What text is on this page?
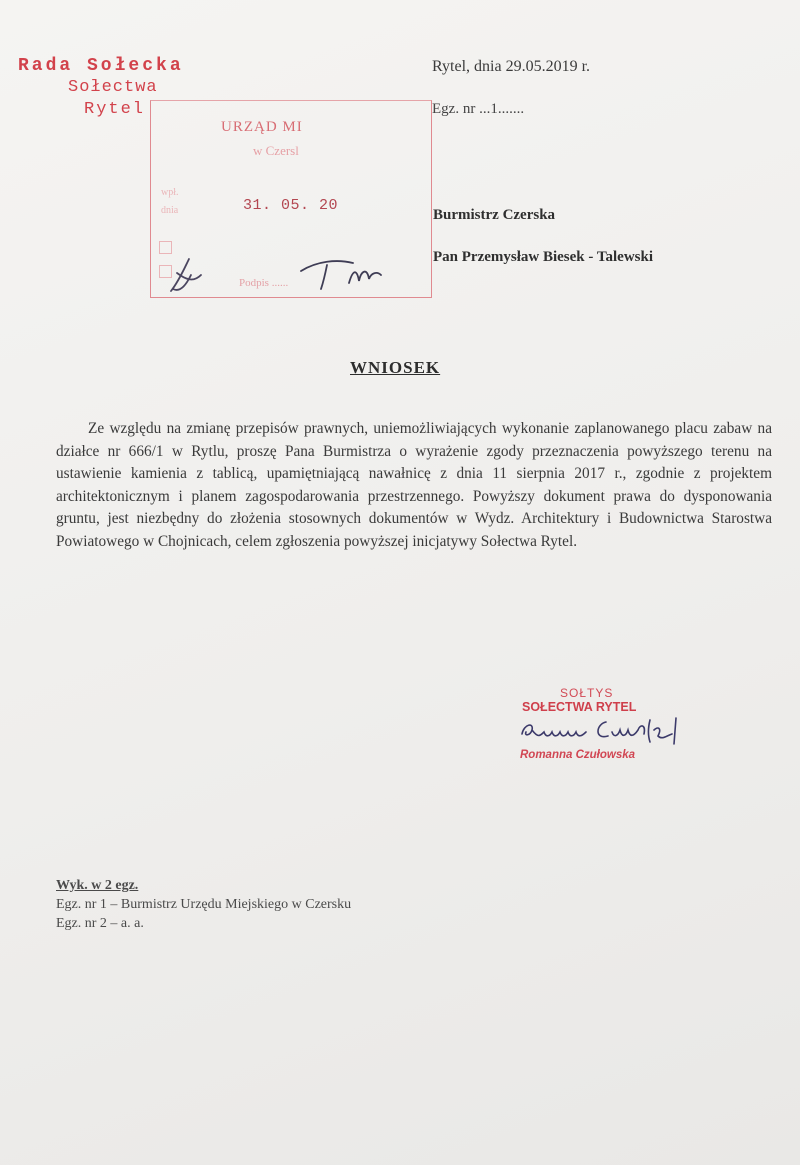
Rada Sołecka
Sołectwa
Rytel
Rytel, dnia 29.05.2019 r.
Egz. nr ...1.......
URZĄD MI
w Czersl
wpł.
dnia	31. 05. 20
Podpis ......
Burmistrz Czerska
Pan Przemysław Biesek - Talewski
WNIOSEK
Ze względu na zmianę przepisów prawnych, uniemożliwiających wykonanie zaplanowanego placu zabaw na działce nr 666/1 w Rytlu, proszę Pana Burmistrza o wyrażenie zgody przeznaczenia powyższego terenu na ustawienie kamienia z tablicą, upamiętniającą nawałnicę z dnia 11 sierpnia 2017 r., zgodnie z projektem architektonicznym i planem zagospodarowania przestrzennego. Powyższy dokument prawa do dysponowania gruntu, jest niezbędny do złożenia stosownych dokumentów w Wydz. Architektury i Budownictwa Starostwa Powiatowego w Chojnicach, celem zgłoszenia powyższej inicjatywy Sołectwa Rytel.
SOŁTYS
SOŁECTWA RYTEL
Romanna Czułowska
Wyk. w 2 egz.
Egz. nr 1 – Burmistrz Urzędu Miejskiego w Czersku
Egz. nr 2 – a. a.
